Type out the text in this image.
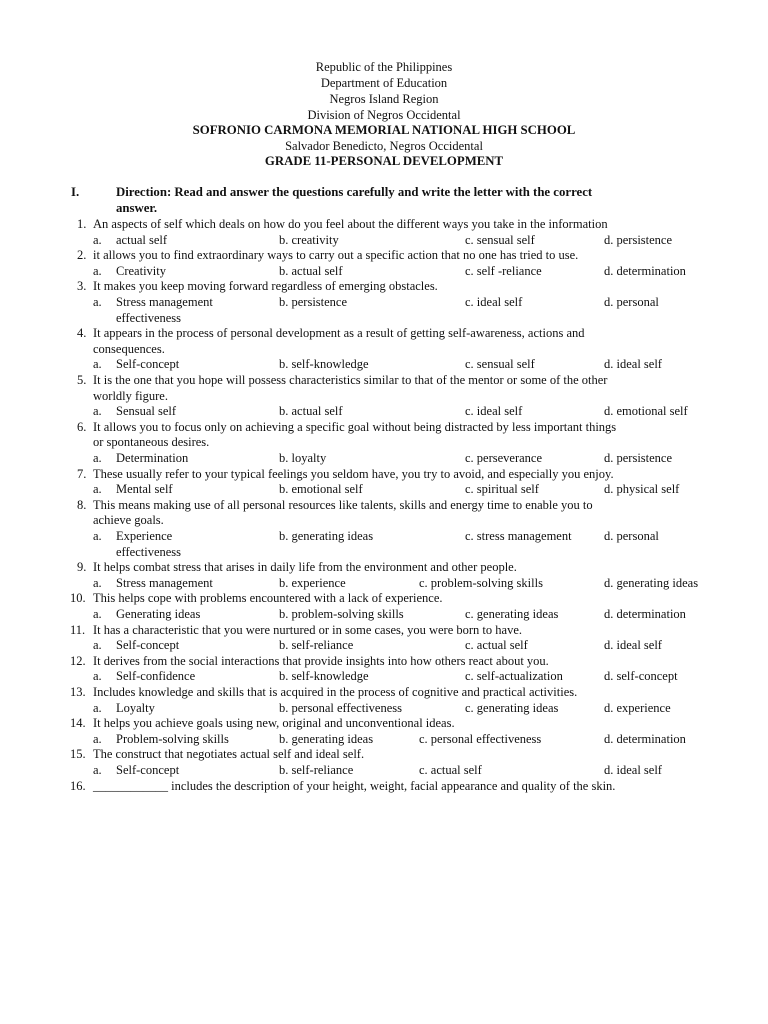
Republic of the Philippines
Department of Education
Negros Island Region
Division of Negros Occidental
SOFRONIO CARMONA MEMORIAL NATIONAL HIGH SCHOOL
Salvador Benedicto, Negros Occidental
GRADE 11-PERSONAL DEVELOPMENT
I.	Direction: Read and answer the questions carefully and write the letter with the correct
answer.
1. An aspects of self which deals on how do you feel about the different ways you take in the information
a. actual self	b. creativity	c. sensual self	d. persistence
2. it allows you to find extraordinary ways to carry out a specific action that no one has tried to use.
a. Creativity	b. actual self	c. self -reliance	d. determination
3. It makes you keep moving forward regardless of emerging obstacles.
a. Stress management	b. persistence	c. ideal self	d. personal
effectiveness
4. It appears in the process of personal development as a result of getting self-awareness, actions and
consequences.
a. Self-concept	b. self-knowledge	c. sensual self	d. ideal self
5. It is the one that you hope will possess characteristics similar to that of the mentor or some of the other
worldly figure.
a. Sensual self	b. actual self	c. ideal self	d. emotional self
6. It allows you to focus only on achieving a specific goal without being distracted by less important things
or spontaneous desires.
a. Determination	b. loyalty	c. perseverance	d. persistence
7. These usually refer to your typical feelings you seldom have, you try to avoid, and especially you enjoy.
a. Mental self	b. emotional self	c. spiritual self	d. physical self
8. This means making use of all personal resources like talents, skills and energy time to enable you to
achieve goals.
a. Experience	b. generating ideas	c. stress management	d. personal
effectiveness
9. It helps combat stress that arises in daily life from the environment and other people.
a. Stress management	b. experience	c. problem-solving skills	d. generating ideas
10. This helps cope with problems encountered with a lack of experience.
a. Generating ideas	b. problem-solving skills	c. generating ideas	d. determination
11. It has a characteristic that you were nurtured or in some cases, you were born to have.
a. Self-concept	b. self-reliance	c. actual self	d. ideal self
12. It derives from the social interactions that provide insights into how others react about you.
a. Self-confidence	b. self-knowledge	c. self-actualization	d. self-concept
13. Includes knowledge and skills that is acquired in the process of cognitive and practical activities.
a. Loyalty	b. personal effectiveness	c. generating ideas	d. experience
14. It helps you achieve goals using new, original and unconventional ideas.
a. Problem-solving skills	b. generating ideas	c. personal effectiveness	d. determination
15. The construct that negotiates actual self and ideal self.
a. Self-concept	b. self-reliance	c. actual self	d. ideal self
16. ____________ includes the description of your height, weight, facial appearance and quality of the skin.
